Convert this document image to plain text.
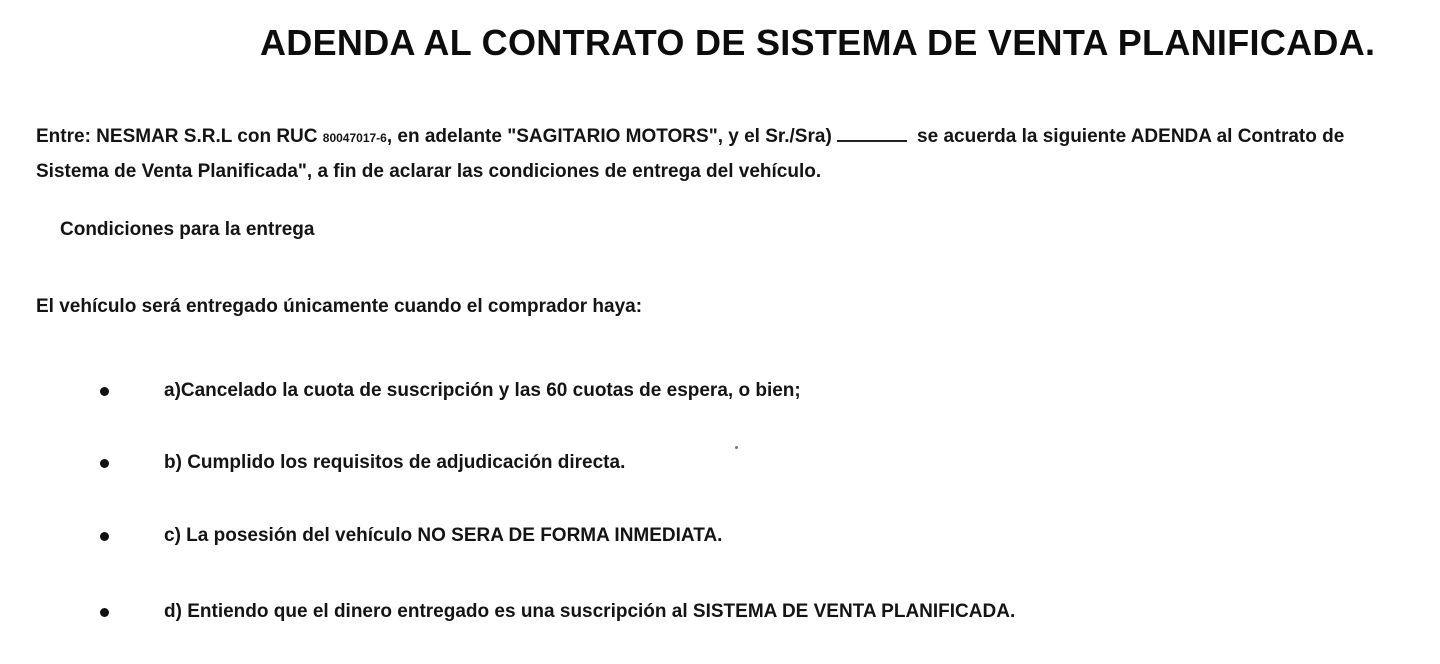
ADENDA AL CONTRATO DE SISTEMA DE VENTA PLANIFICADA.

Entre: NESMAR S.R.L con RUC 80047017-6, en adelante "SAGITARIO MOTORS", y el Sr./Sra)	se acuerda la siguiente ADENDA al Contrato de Sistema de Venta Planificada", a fin de aclarar las condiciones de entrega del vehículo.

Condiciones para la entrega

El vehículo será entregado únicamente cuando el comprador haya:

a)Cancelado la cuota de suscripción y las 60 cuotas de espera, o bien;
b) Cumplido los requisitos de adjudicación directa.
c) La posesión del vehículo NO SERA DE FORMA INMEDIATA.
d) Entiendo que el dinero entregado es una suscripción al SISTEMA DE VENTA PLANIFICADA.
